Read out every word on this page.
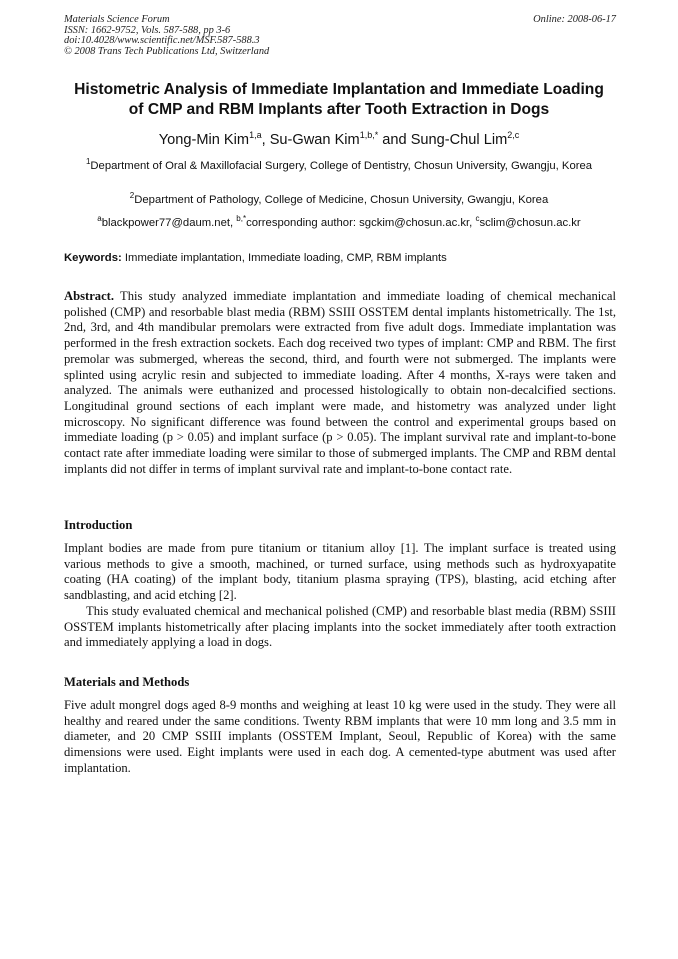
Materials Science Forum
ISSN: 1662-9752, Vols. 587-588, pp 3-6
doi:10.4028/www.scientific.net/MSF.587-588.3
© 2008 Trans Tech Publications Ltd, Switzerland
Online: 2008-06-17
Histometric Analysis of Immediate Implantation and Immediate Loading
of CMP and RBM Implants after Tooth Extraction in Dogs
Yong-Min Kim$^{1,a}$, Su-Gwan Kim$^{1,b,*}$ and Sung-Chul Lim$^{2,c}$
$^1$Department of Oral & Maxillofacial Surgery, College of Dentistry, Chosun University, Gwangju, Korea
$^2$Department of Pathology, College of Medicine, Chosun University, Gwangju, Korea
$^a$blackpower77@daum.net, $^{b,*}$corresponding author: sgckim@chosun.ac.kr, $^c$sclim@chosun.ac.kr
Keywords: Immediate implantation, Immediate loading, CMP, RBM implants
Abstract. This study analyzed immediate implantation and immediate loading of chemical mechanical polished (CMP) and resorbable blast media (RBM) SSIII OSSTEM dental implants histometrically. The 1st, 2nd, 3rd, and 4th mandibular premolars were extracted from five adult dogs. Immediate implantation was performed in the fresh extraction sockets. Each dog received two types of implant: CMP and RBM. The first premolar was submerged, whereas the second, third, and fourth were not submerged. The implants were splinted using acrylic resin and subjected to immediate loading. After 4 months, X-rays were taken and analyzed. The animals were euthanized and processed histologically to obtain non-decalcified sections. Longitudinal ground sections of each implant were made, and histometry was analyzed under light microscopy. No significant difference was found between the control and experimental groups based on immediate loading (p > 0.05) and implant surface (p > 0.05). The implant survival rate and implant-to-bone contact rate after immediate loading were similar to those of submerged implants. The CMP and RBM dental implants did not differ in terms of implant survival rate and implant-to-bone contact rate.
Introduction
Implant bodies are made from pure titanium or titanium alloy [1]. The implant surface is treated using various methods to give a smooth, machined, or turned surface, using methods such as hydroxyapatite coating (HA coating) of the implant body, titanium plasma spraying (TPS), blasting, acid etching after sandblasting, and acid etching [2].
This study evaluated chemical and mechanical polished (CMP) and resorbable blast media (RBM) SSIII OSSTEM implants histometrically after placing implants into the socket immediately after tooth extraction and immediately applying a load in dogs.
Materials and Methods
Five adult mongrel dogs aged 8-9 months and weighing at least 10 kg were used in the study. They were all healthy and reared under the same conditions. Twenty RBM implants that were 10 mm long and 3.5 mm in diameter, and 20 CMP SSIII implants (OSSTEM Implant, Seoul, Republic of Korea) with the same dimensions were used. Eight implants were used in each dog. A cemented-type abutment was used after implantation.
